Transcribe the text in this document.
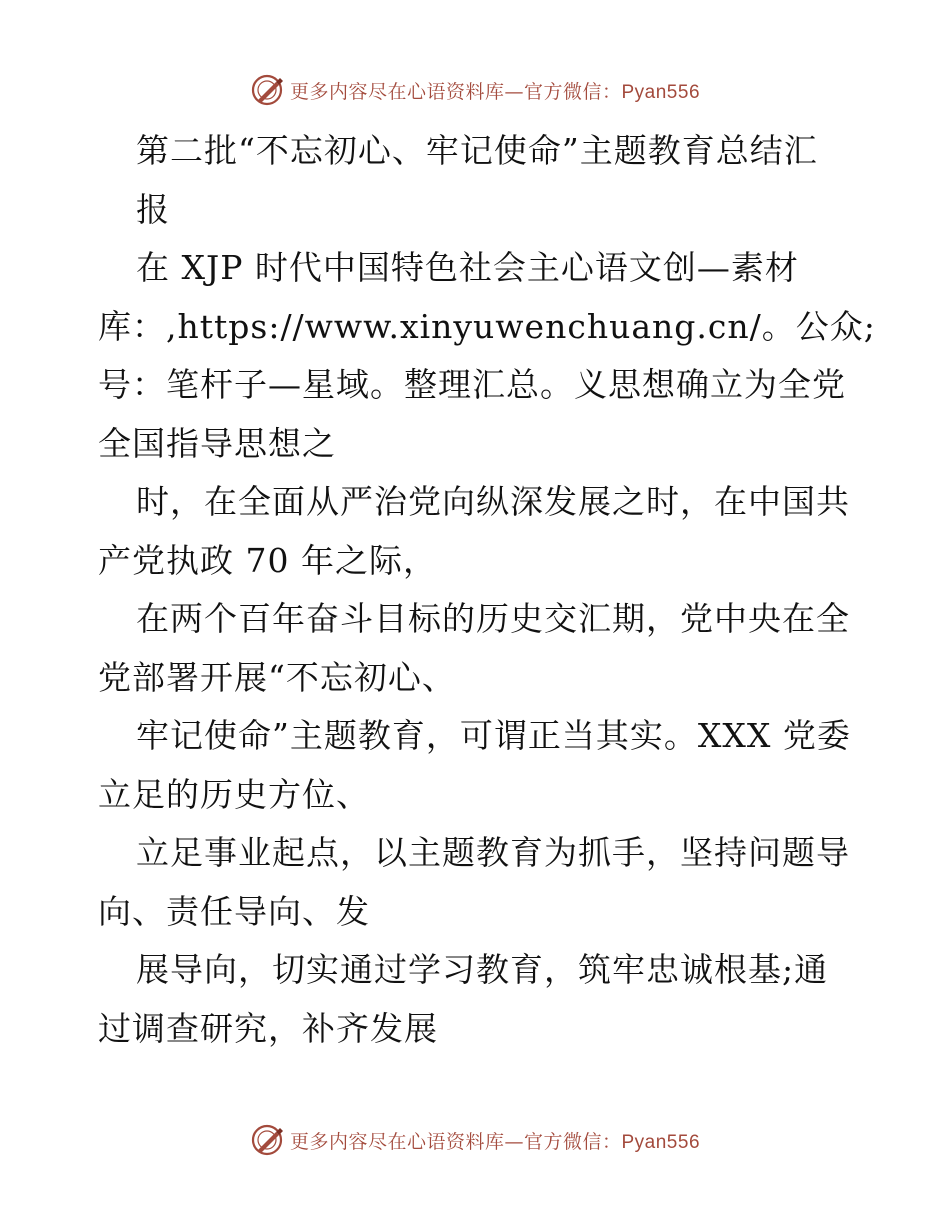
更多内容尽在心语资料库—官方微信：Pyan556
第二批“不忘初心、牢记使命”主题教育总结汇
报
在 XJP 时代中国特色社会主心语文创—素材
库：,https://www.xinyuwenchuang.cn/。公众;
号：笔杆子—星域。整理汇总。义思想确立为全党
全国指导思想之
时，在全面从严治党向纵深发展之时，在中国共
产党执政 70 年之际，
在两个百年奋斗目标的历史交汇期，党中央在全
党部署开展“不忘初心、
牢记使命”主题教育，可谓正当其实。XXX 党委
立足的历史方位、
立足事业起点，以主题教育为抓手，坚持问题导
向、责任导向、发
展导向，切实通过学习教育，筑牢忠诚根基;通
过调查研究，补齐发展
更多内容尽在心语资料库—官方微信：Pyan556
